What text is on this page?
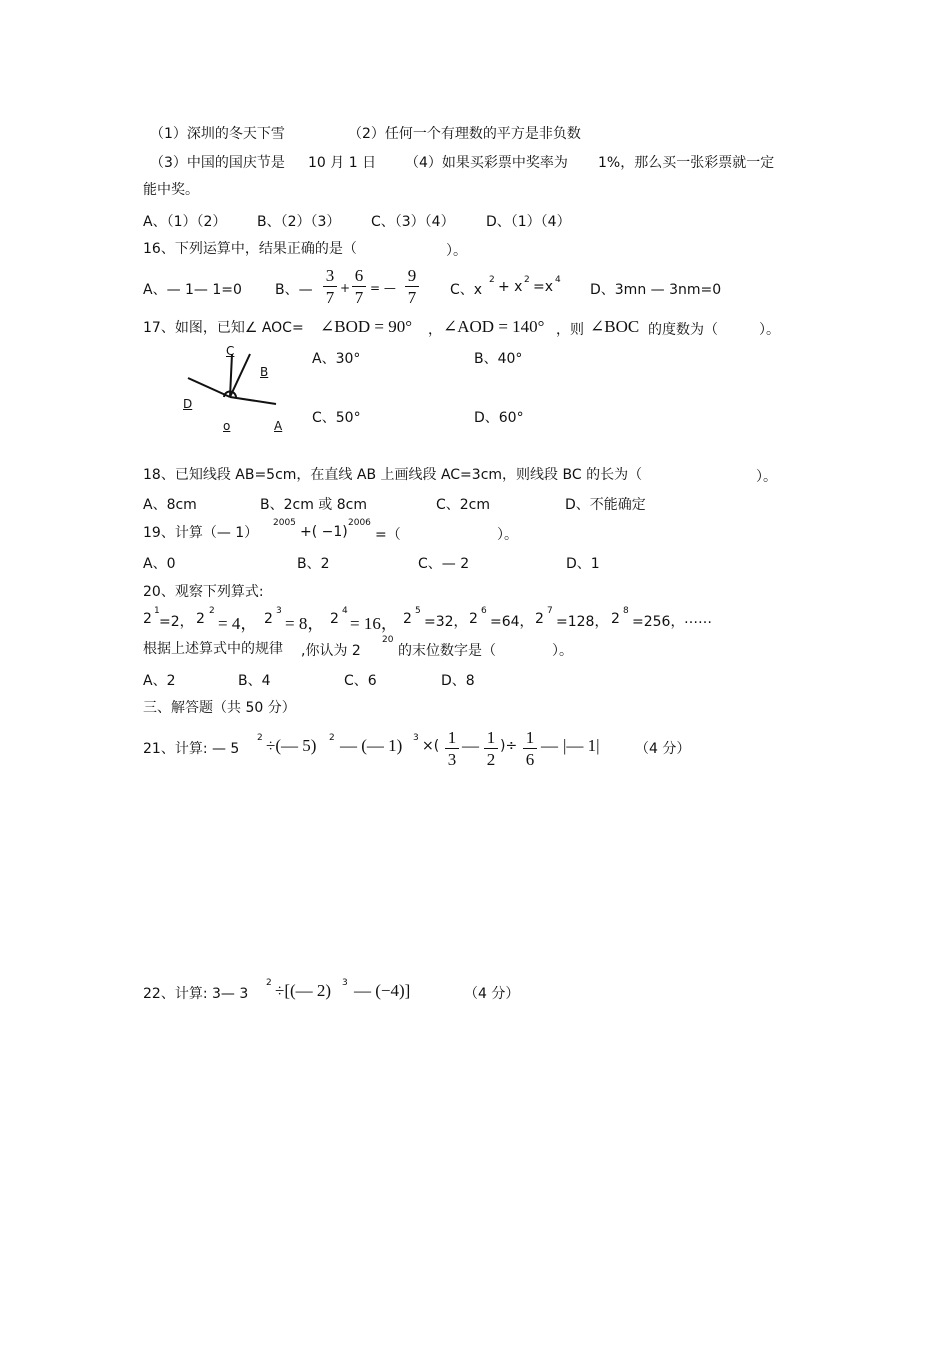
（1）深圳的冬天下雪	（2）任何一个有理数的平方是非负数
（3）中国的国庆节是 10 月 1 日 （4）如果买彩票中奖率为 1%，那么买一张彩票就一定
能中奖。
A、（1）（2） B、（2）（3） C、（3）（4） D、（1）（4）
16、下列运算中，结果正确的是（	）。
A、— 1— 1=0 B、—
3
7 +
6
7 = —
9
7 C、x
2 + x 2 =x 4
D、3mn — 3nm=0
17、如图，已知∠ AOC= ∠BOD = 90° ， ∠AOD = 140° ，则 ∠BOC 的度数为（	）。
C
B
D
o	A
A、30°	B、40°
C、50°	D、60°
18、已知线段 AB=5cm，在直线 AB 上画线段 AC=3cm，则线段 BC 的长为（	）。
A、8cm	B、2cm 或 8cm	C、2cm	D、不能确定
19、计算（— 1）
2005
+( −1)
2006
=（	）。
A、0	B、2	C、— 2	D、1
20、观察下列算式:
2 1
=2， 2 2
= 4， 2 3
= 8， 2 4
= 16， 2 5
=32， 2 6
=64， 2 7
=128， 2 8
=256， ……
根据上述算式中的规律 ,你认为 2
20
的末位数字是（	）。
A、2	B、4	C、6	D、8
三、解答题（共 50 分）
21、计算: — 5
2 ÷(— 5) 2 — (— 1) 3 ×( 1
3
— 1
2
)÷ 1
6
— |— 1|	（4 分）
22、计算: 3— 3
2 ÷[(— 2) 3 — (−4)]	（4 分）
